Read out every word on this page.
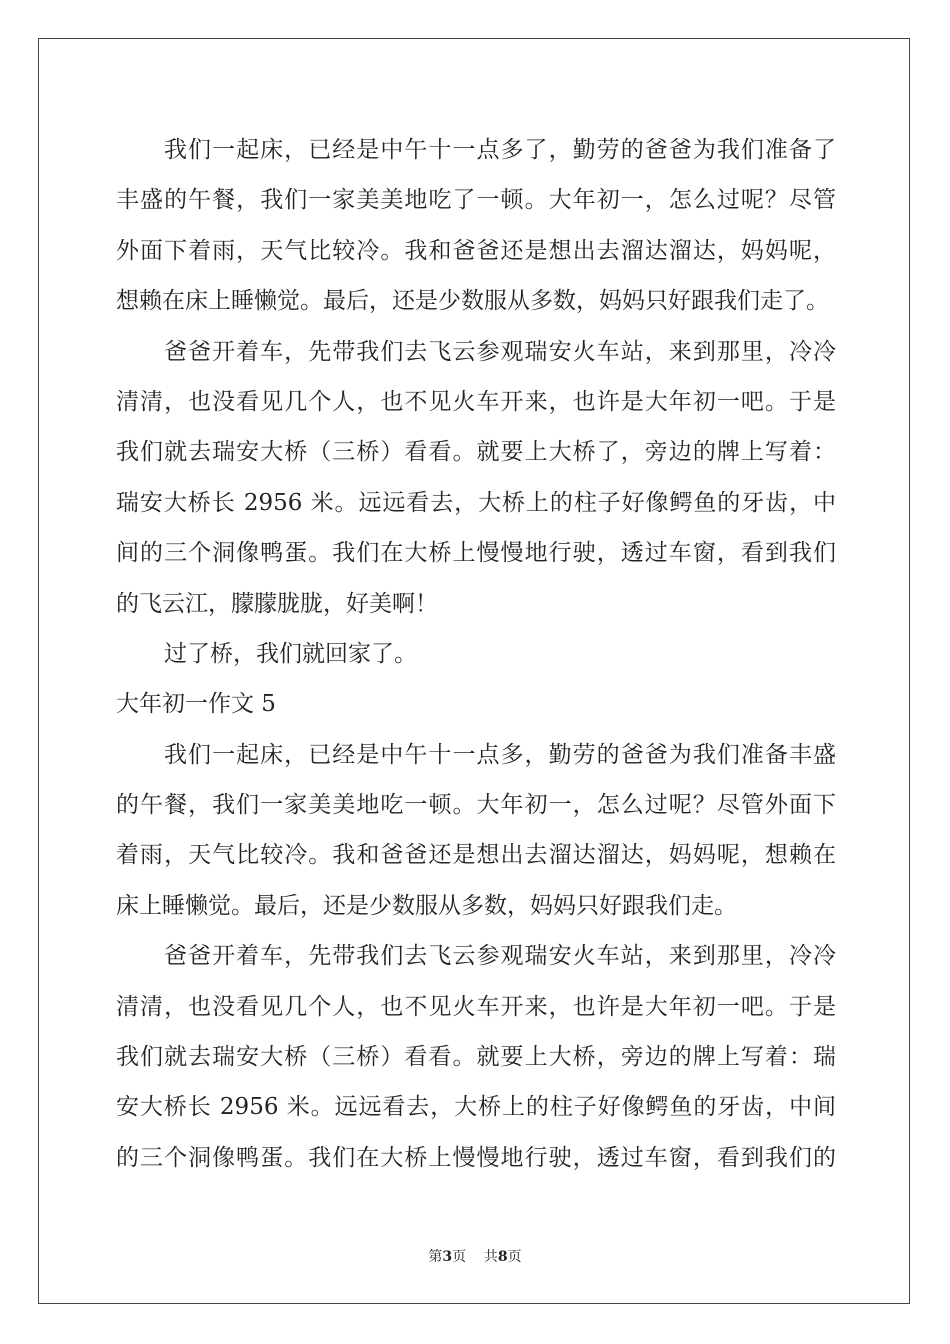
我们一起床，已经是中午十一点多了，勤劳的爸爸为我们准备了
丰盛的午餐，我们一家美美地吃了一顿。大年初一，怎么过呢？尽管
外面下着雨，天气比较冷。我和爸爸还是想出去溜达溜达，妈妈呢，
想赖在床上睡懒觉。最后，还是少数服从多数，妈妈只好跟我们走了。
爸爸开着车，先带我们去飞云参观瑞安火车站，来到那里，冷冷
清清，也没看见几个人，也不见火车开来，也许是大年初一吧。于是
我们就去瑞安大桥（三桥）看看。就要上大桥了，旁边的牌上写着：
瑞安大桥长 2956 米。远远看去，大桥上的柱子好像鳄鱼的牙齿，中
间的三个洞像鸭蛋。我们在大桥上慢慢地行驶，透过车窗，看到我们
的飞云江，朦朦胧胧，好美啊！
过了桥，我们就回家了。
大年初一作文 5
我们一起床，已经是中午十一点多，勤劳的爸爸为我们准备丰盛
的午餐，我们一家美美地吃一顿。大年初一，怎么过呢？尽管外面下
着雨，天气比较冷。我和爸爸还是想出去溜达溜达，妈妈呢，想赖在
床上睡懒觉。最后，还是少数服从多数，妈妈只好跟我们走。
爸爸开着车，先带我们去飞云参观瑞安火车站，来到那里，冷冷
清清，也没看见几个人，也不见火车开来，也许是大年初一吧。于是
我们就去瑞安大桥（三桥）看看。就要上大桥，旁边的牌上写着：瑞
安大桥长 2956 米。远远看去，大桥上的柱子好像鳄鱼的牙齿，中间
的三个洞像鸭蛋。我们在大桥上慢慢地行驶，透过车窗，看到我们的
第3页 共8页
